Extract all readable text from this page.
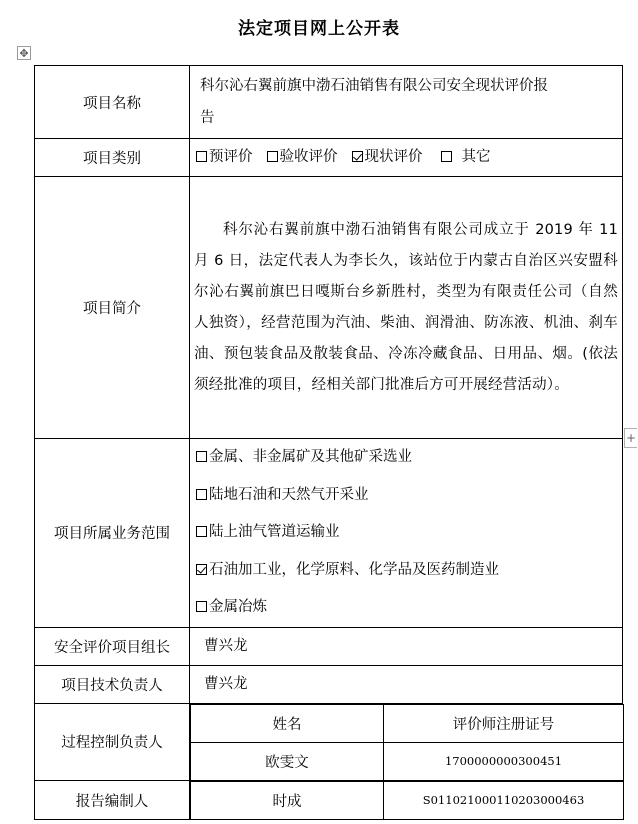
法定项目网上公开表
✥
+
项目名称	
科尔沁右翼前旗中渤石油销售有限公司安全现状评价报
告

项目类别	预评价 验收评价 现状评价	其它
项目简介	
科尔沁右翼前旗中渤石油销售有限公司成立于 2019 年 11 月 6 日，法定代表人为李长久，该站位于内蒙古自治区兴安盟科尔沁右翼前旗巴日嘎斯台乡新胜村，类型为有限责任公司（自然人独资），经营范围为汽油、柴油、润滑油、防冻液、机油、刹车油、预包装食品及散装食品、冷冻冷藏食品、日用品、烟。(依法须经批准的项目，经相关部门批准后方可开展经营活动）。

项目所属业务范围	
金属、非金属矿及其他矿采选业
陆地石油和天然气开采业
陆上油气管道运输业
石油加工业，化学原料、化学品及医药制造业
金属冶炼

安全评价项目组长	曹兴龙
项目技术负责人	曹兴龙
过程控制负责人	
姓名	评价师注册证号
欧雯文	1700000000300451

报告编制人		时成	S011021000110203000463
